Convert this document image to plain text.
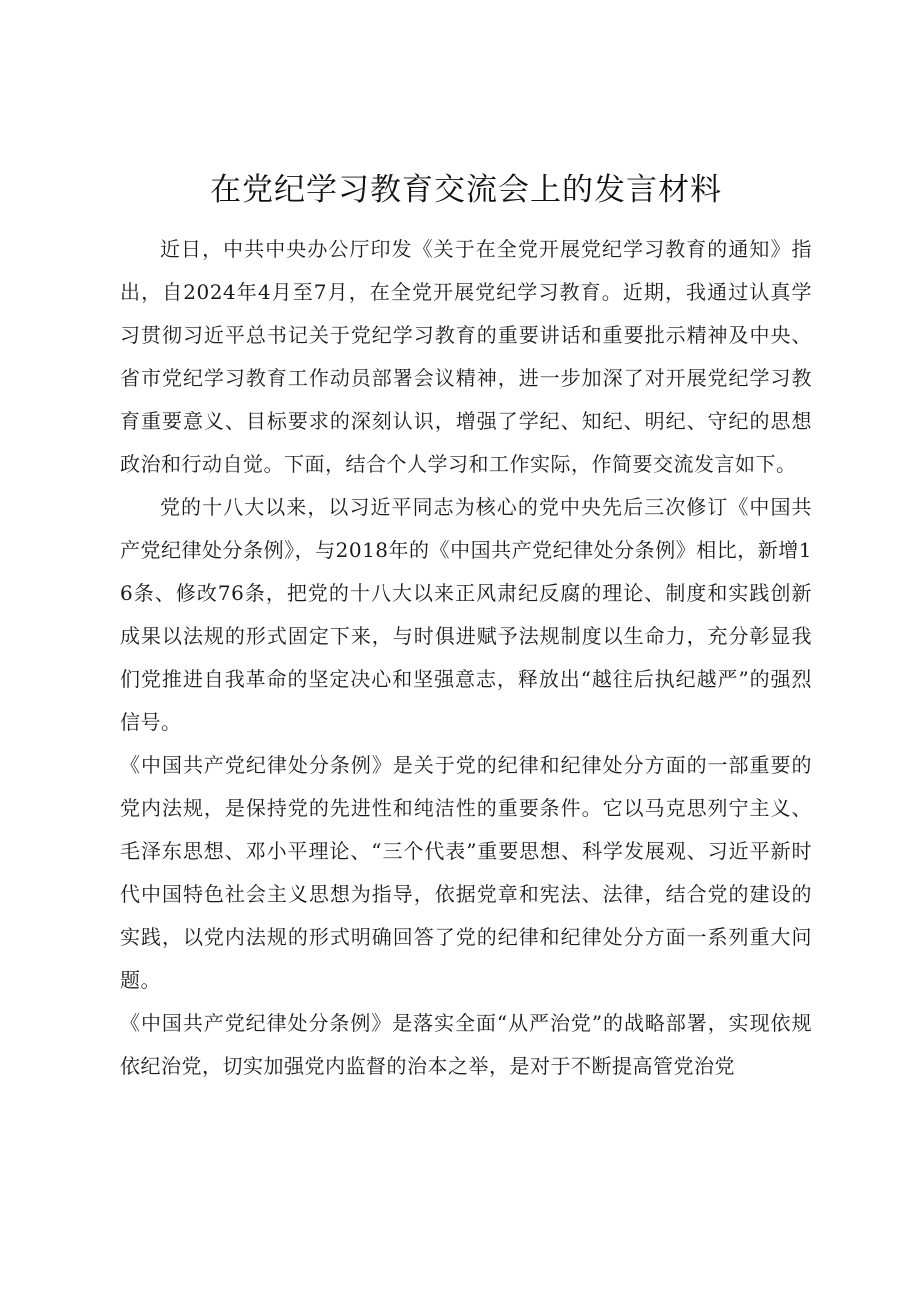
在党纪学习教育交流会上的发言材料

近日，中共中央办公厅印发《关于在全党开展党纪学习教育的通知》指出，自2024年4月至7月，在全党开展党纪学习教育。近期，我通过认真学习贯彻习近平总书记关于党纪学习教育的重要讲话和重要批示精神及中央、省市党纪学习教育工作动员部署会议精神，进一步加深了对开展党纪学习教育重要意义、目标要求的深刻认识，增强了学纪、知纪、明纪、守纪的思想政治和行动自觉。下面，结合个人学习和工作实际，作简要交流发言如下。

党的十八大以来，以习近平同志为核心的党中央先后三次修订《中国共产党纪律处分条例》，与2018年的《中国共产党纪律处分条例》相比，新增16条、修改76条，把党的十八大以来正风肃纪反腐的理论、制度和实践创新成果以法规的形式固定下来，与时俱进赋予法规制度以生命力，充分彰显我们党推进自我革命的坚定决心和坚强意志，释放出“越往后执纪越严”的强烈信号。

《中国共产党纪律处分条例》是关于党的纪律和纪律处分方面的一部重要的党内法规，是保持党的先进性和纯洁性的重要条件。它以马克思列宁主义、毛泽东思想、邓小平理论、“三个代表”重要思想、科学发展观、习近平新时代中国特色社会主义思想为指导，依据党章和宪法、法律，结合党的建设的实践，以党内法规的形式明确回答了党的纪律和纪律处分方面一系列重大问题。

《中国共产党纪律处分条例》是落实全面“从严治党”的战略部署，实现依规依纪治党，切实加强党内监督的治本之举，是对于不断提高管党治党
